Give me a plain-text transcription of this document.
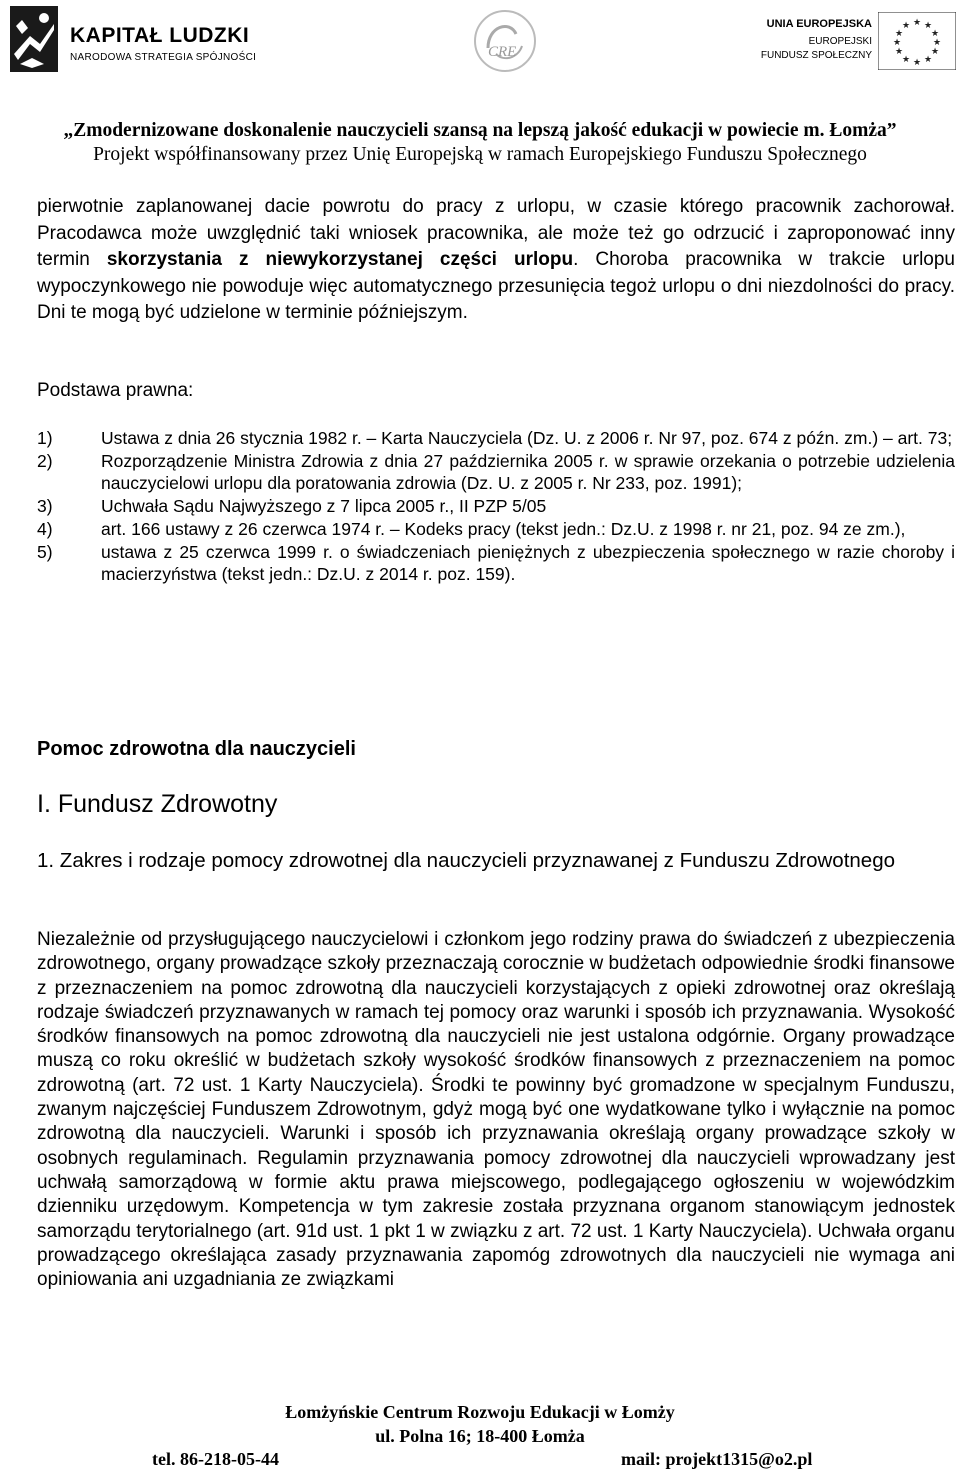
KAPITAŁ LUDZKI
NARODOWA STRATEGIA SPÓJNOŚCI	CRE
UNIA EUROPEJSKA
EUROPEJSKI
FUNDUSZ SPOŁECZNY
★ ★
★
★
★
★
★
★
★
★
★
★
„Zmodernizowane doskonalenie nauczycieli szansą na lepszą jakość edukacji w powiecie m. Łomża”
Projekt współfinansowany przez Unię Europejską w ramach Europejskiego Funduszu Społecznego
pierwotnie zaplanowanej dacie powrotu do pracy z urlopu, w czasie którego pracownik zachorował. Pracodawca może uwzględnić taki wniosek pracownika, ale może też go odrzucić i zaproponować inny termin skorzystania z niewykorzystanej części urlopu. Choroba pracownika w trakcie urlopu wypoczynkowego nie powoduje więc automatycznego przesunięcia tegoż urlopu o dni niezdolności do pracy. Dni te mogą być udzielone w terminie późniejszym.
Podstawa prawna:
1)	Ustawa z dnia 26 stycznia 1982 r. – Karta Nauczyciela (Dz. U. z 2006 r. Nr 97, poz. 674 z późn. zm.) – art. 73;
2)	Rozporządzenie Ministra Zdrowia z dnia 27 października 2005 r. w sprawie orzekania o potrzebie udzielenia nauczycielowi urlopu dla poratowania zdrowia (Dz. U. z 2005 r. Nr 233, poz. 1991);
3)	Uchwała Sądu Najwyższego z 7 lipca 2005 r., II PZP 5/05
4)	art. 166 ustawy z 26 czerwca 1974 r. – Kodeks pracy (tekst jedn.: Dz.U. z 1998 r. nr 21, poz. 94 ze zm.),
5)	ustawa z 25 czerwca 1999 r. o świadczeniach pieniężnych z ubezpieczenia społecznego w razie choroby i macierzyństwa (tekst jedn.: Dz.U. z 2014 r. poz. 159).
Pomoc zdrowotna dla nauczycieli
I. Fundusz Zdrowotny
1. Zakres i rodzaje pomocy zdrowotnej dla nauczycieli przyznawanej z Funduszu Zdrowotnego
Niezależnie od przysługującego nauczycielowi i członkom jego rodziny prawa do świadczeń z ubezpieczenia zdrowotnego, organy prowadzące szkoły przeznaczają corocznie w budżetach odpowiednie środki finansowe z przeznaczeniem na pomoc zdrowotną dla nauczycieli korzystających z opieki zdrowotnej oraz określają rodzaje świadczeń przyznawanych w ramach tej pomocy oraz warunki i sposób ich przyznawania. Wysokość środków finansowych na pomoc zdrowotną dla nauczycieli nie jest ustalona odgórnie. Organy prowadzące muszą co roku określić w budżetach szkoły wysokość środków finansowych z przeznaczeniem na pomoc zdrowotną (art. 72 ust. 1 Karty Nauczyciela). Środki te powinny być gromadzone w specjalnym Funduszu, zwanym najczęściej Funduszem Zdrowotnym, gdyż mogą być one wydatkowane tylko i wyłącznie na pomoc zdrowotną dla nauczycieli. Warunki i sposób ich przyznawania określają organy prowadzące szkoły w osobnych regulaminach. Regulamin przyznawania pomocy zdrowotnej dla nauczycieli wprowadzany jest uchwałą samorządową w formie aktu prawa miejscowego, podlegającego ogłoszeniu w wojewódzkim dzienniku urzędowym. Kompetencja w tym zakresie została przyznana organom stanowiącym jednostek samorządu terytorialnego (art. 91d ust. 1 pkt 1 w związku z art. 72 ust. 1 Karty Nauczyciela). Uchwała organu prowadzącego określająca zasady przyznawania zapomóg zdrowotnych dla nauczycieli nie wymaga ani opiniowania ani uzgadniania ze związkami
Łomżyńskie Centrum Rozwoju Edukacji w Łomży
ul. Polna 16; 18-400 Łomża
tel. 86-218-05-44	mail: projekt1315@o2.pl
